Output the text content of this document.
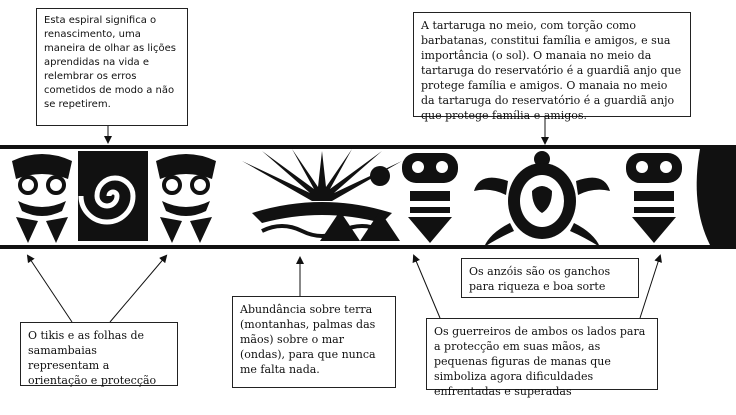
Esta espiral significa o renascimento, uma maneira de olhar as lições aprendidas na vida e relembrar os erros cometidos de modo a não se repetirem.
A tartaruga no meio, com torção como barbatanas, constitui família e amigos, e sua importância (o sol). O manaia no meio da tartaruga do reservatório é a guardiã anjo que protege família e amigos. O manaia no meio da tartaruga do reservatório é a guardiã anjo que protege família e amigos.
Os anzóis são os ganchos para riqueza e boa sorte
O tikis e as folhas de samambaias representam a orientação e protecção
Abundância sobre terra (montanhas, palmas das mãos) sobre o mar (ondas), para que nunca me falta nada.
Os guerreiros de ambos os lados para a protecção em suas mãos, as pequenas figuras de manas que simboliza agora dificuldades enfrentadas e superadas
